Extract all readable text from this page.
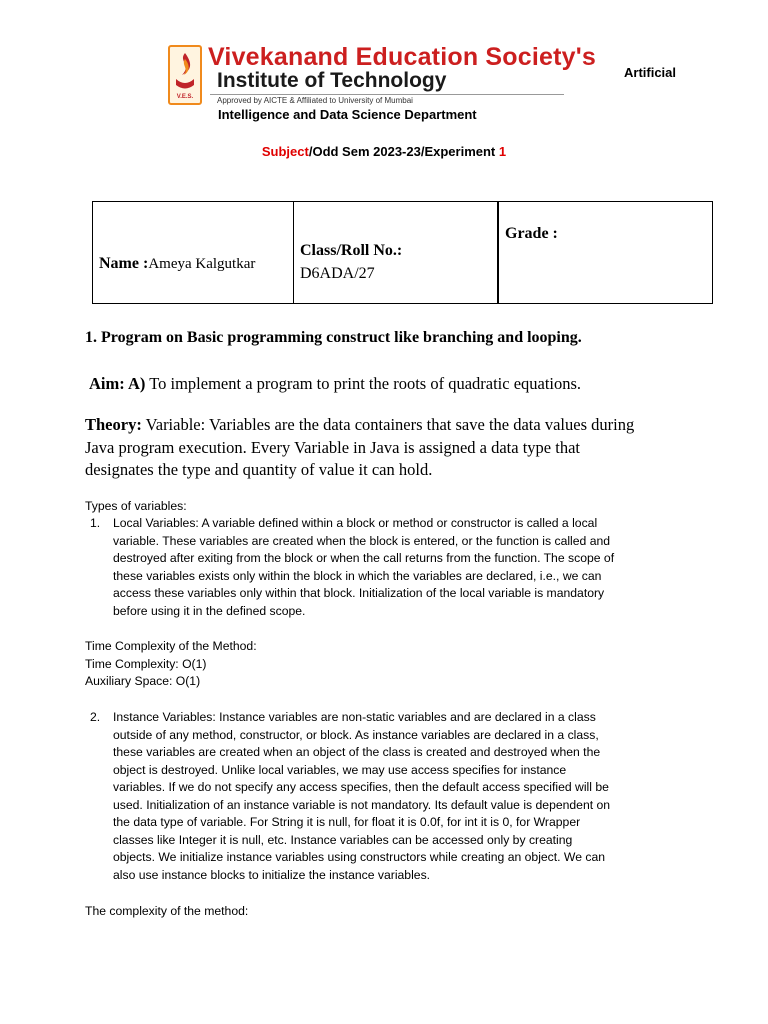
V.E.S.
Vivekanand Education Society's
Institute of Technology
Approved by AICTE & Affiliated to University of Mumbai
Artificial
Intelligence and Data Science Department
Subject/Odd Sem 2023-23/Experiment 1
Name :Ameya Kalgutkar

Class/Roll No.:
D6ADA/27

Grade :
1. Program on Basic programming construct like branching and looping.
Aim: A) To implement a program to print the roots of quadratic equations.
Theory: Variable: Variables are the data containers that save the data values during
Java program execution. Every Variable in Java is assigned a data type that
designates the type and quantity of value it can hold.
Types of variables:
1. Local Variables: A variable defined within a block or method or constructor is called a local
variable. These variables are created when the block is entered, or the function is called and
destroyed after exiting from the block or when the call returns from the function. The scope of
these variables exists only within the block in which the variables are declared, i.e., we can
access these variables only within that block. Initialization of the local variable is mandatory
before using it in the defined scope.
Time Complexity of the Method:
Time Complexity: O(1)
Auxiliary Space: O(1)
2. Instance Variables: Instance variables are non-static variables and are declared in a class
outside of any method, constructor, or block. As instance variables are declared in a class,
these variables are created when an object of the class is created and destroyed when the
object is destroyed. Unlike local variables, we may use access specifies for instance
variables. If we do not specify any access specifies, then the default access specified will be
used. Initialization of an instance variable is not mandatory. Its default value is dependent on
the data type of variable. For String it is null, for float it is 0.0f, for int it is 0, for Wrapper
classes like Integer it is null, etc. Instance variables can be accessed only by creating
objects. We initialize instance variables using constructors while creating an object. We can
also use instance blocks to initialize the instance variables.
The complexity of the method:
